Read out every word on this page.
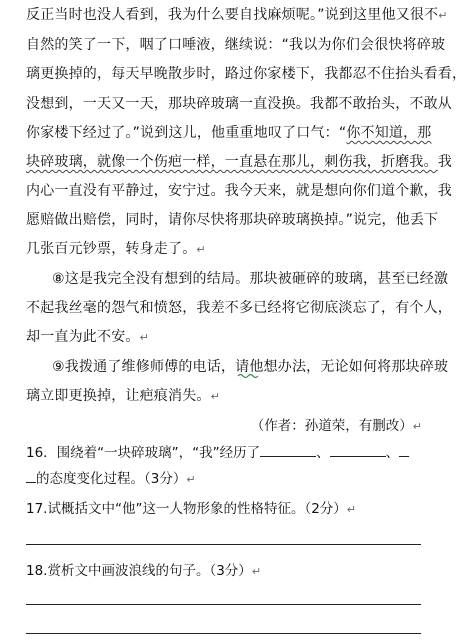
反正当时也没人看到，我为什么要自找麻烦呢。”说到这里他又很不↵
自然的笑了一下，咽了口唾液，继续说：“我以为你们会很快将碎玻
璃更换掉的，每天早晚散步时，路过你家楼下，我都忍不住抬头看看，
没想到，一天又一天，那块碎玻璃一直没换。我都不敢抬头，不敢从
你家楼下经过了。”说到这儿，他重重地叹了口气：“你不知道，那
块碎玻璃，就像一个伤疤一样，一直悬在那儿，刺伤我，折磨我。我
内心一直没有平静过，安宁过。我今天来，就是想向你们道个歉，我
愿赔做出赔偿，同时，请你尽快将那块碎玻璃换掉。”说完，他丢下
几张百元钞票，转身走了。↵
⑧这是我完全没有想到的结局。那块被砸碎的玻璃，甚至已经激
不起我丝毫的怨气和愤怒，我差不多已经将它彻底淡忘了，有个人，
却一直为此不安。↵
⑨我拨通了维修师傅的电话，请他想办法，无论如何将那块碎玻
璃立即更换掉，让疤痕消失。↵
（作者：孙道荣，有删改）↵
16．围绕着“一块碎玻璃”，“我”经历了	、	、
的态度变化过程。（3分）↵
17.试概括文中“他”这一人物形象的性格特征。（2分）↵
18.赏析文中画波浪线的句子。（3分）↵
